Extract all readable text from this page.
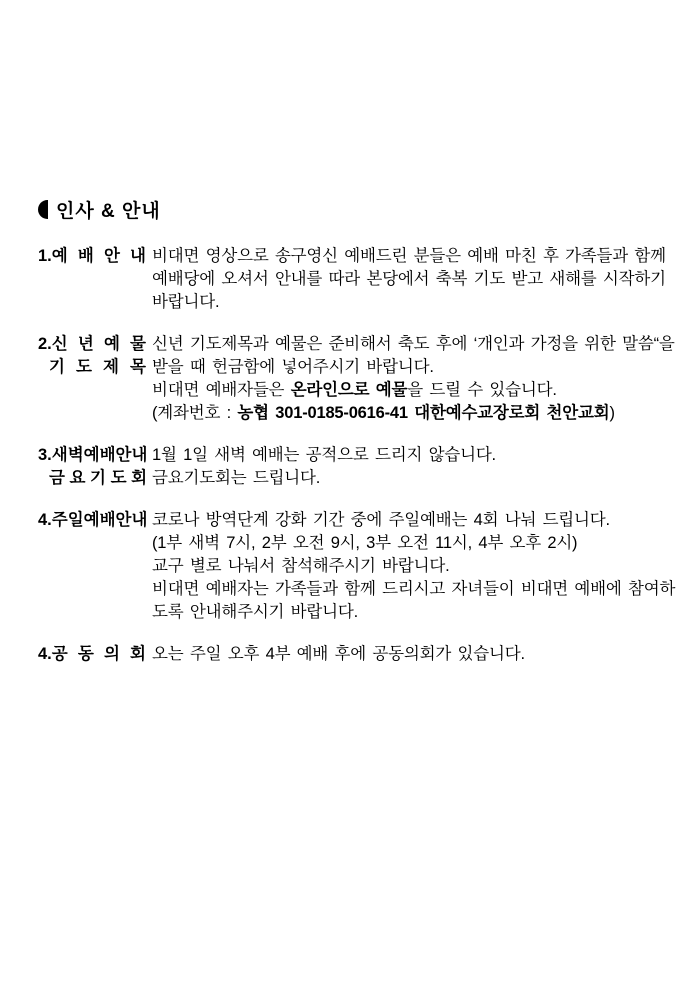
인사 & 안내
1.예 배 안 내 비대면 영상으로 송구영신 예배드린 분들은 예배 마친 후 가족들과 함께
예배당에 오셔서 안내를 따라 본당에서 축복 기도 받고 새해를 시작하기
바랍니다.
2.신 년 예 물
기 도 제 목
신년 기도제목과 예물은 준비해서 축도 후에 ‘개인과 가정을 위한 말씀“을
받을 때 헌금함에 넣어주시기 바랍니다.
비대면 예배자들은 온라인으로 예물을 드릴 수 있습니다.
(계좌번호 : 농협 301-0185-0616-41 대한예수교장로회 천안교회)
3.새벽예배안내
금 요 기 도 회
1월 1일 새벽 예배는 공적으로 드리지 않습니다.
금요기도회는 드립니다.
4.주일예배안내 코로나 방역단계 강화 기간 중에 주일예배는 4회 나눠 드립니다.
(1부 새벽 7시, 2부 오전 9시, 3부 오전 11시, 4부 오후 2시)
교구 별로 나눠서 참석해주시기 바랍니다.
비대면 예배자는 가족들과 함께 드리시고 자녀들이 비대면 예배에 참여하
도록 안내해주시기 바랍니다.
4.공 동 의 회 오는 주일 오후 4부 예배 후에 공동의회가 있습니다.
